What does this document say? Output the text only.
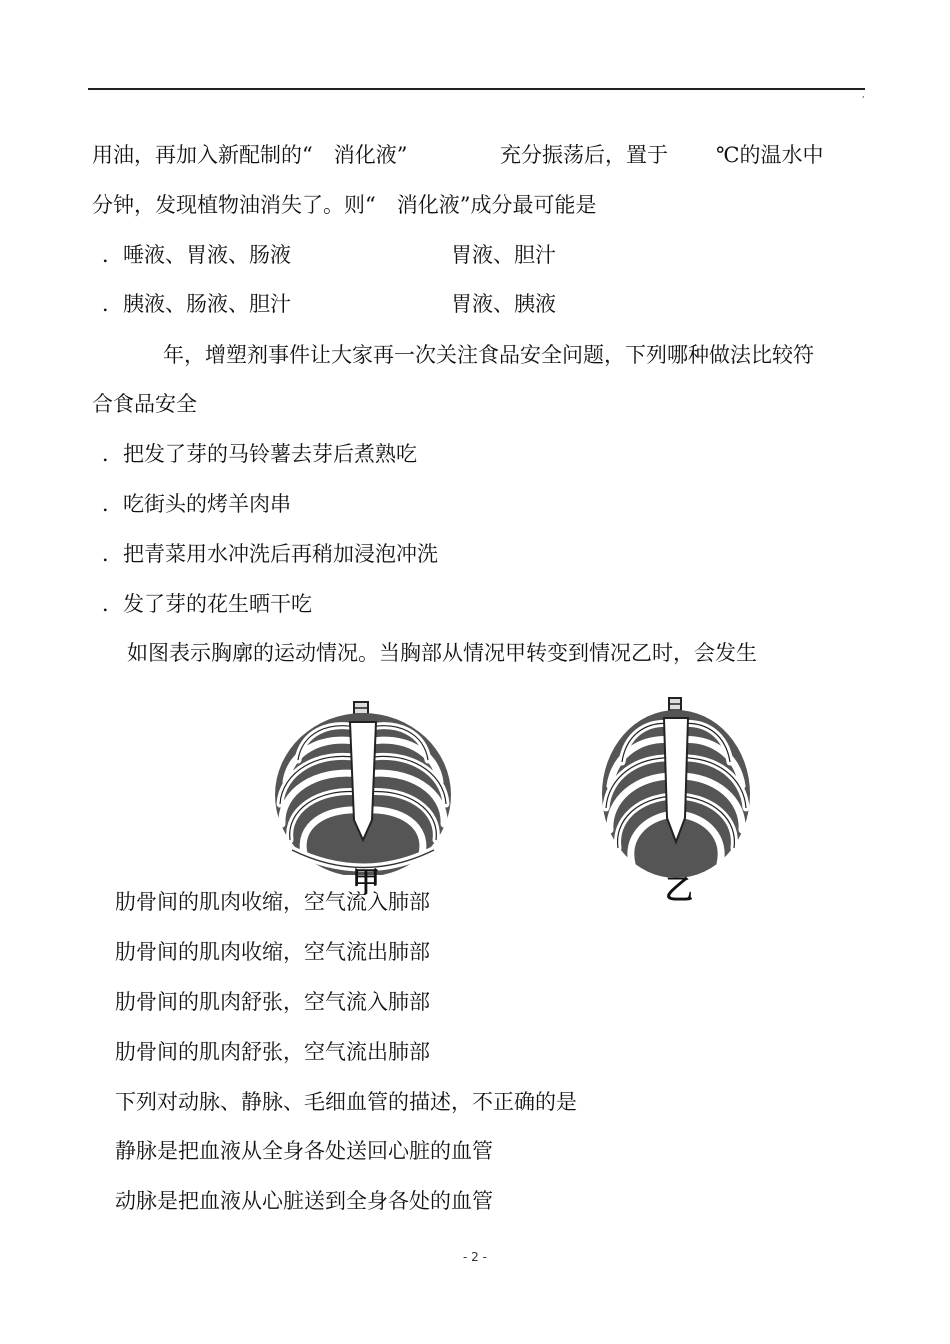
,
用油，再加入新配制的“　消化液”	充分振荡后，置于 ℃的温水中
分钟，发现植物油消失了。则“　消化液”成分最可能是
．唾液、胃液、肠液	胃液、胆汁
．胰液、肠液、胆汁	胃液、胰液
年，增塑剂事件让大家再一次关注食品安全问题，下列哪种做法比较符
合食品安全
．把发了芽的马铃薯去芽后煮熟吃
．吃街头的烤羊肉串
．把青菜用水冲洗后再稍加浸泡冲洗
．发了芽的花生晒干吃
如图表示胸廓的运动情况。当胸部从情况甲转变到情况乙时，会发生
甲	乙
肋骨间的肌肉收缩，空气流入肺部
肋骨间的肌肉收缩，空气流出肺部
肋骨间的肌肉舒张，空气流入肺部
肋骨间的肌肉舒张，空气流出肺部
下列对动脉、静脉、毛细血管的描述，不正确的是
静脉是把血液从全身各处送回心脏的血管
动脉是把血液从心脏送到全身各处的血管
- 2 -
